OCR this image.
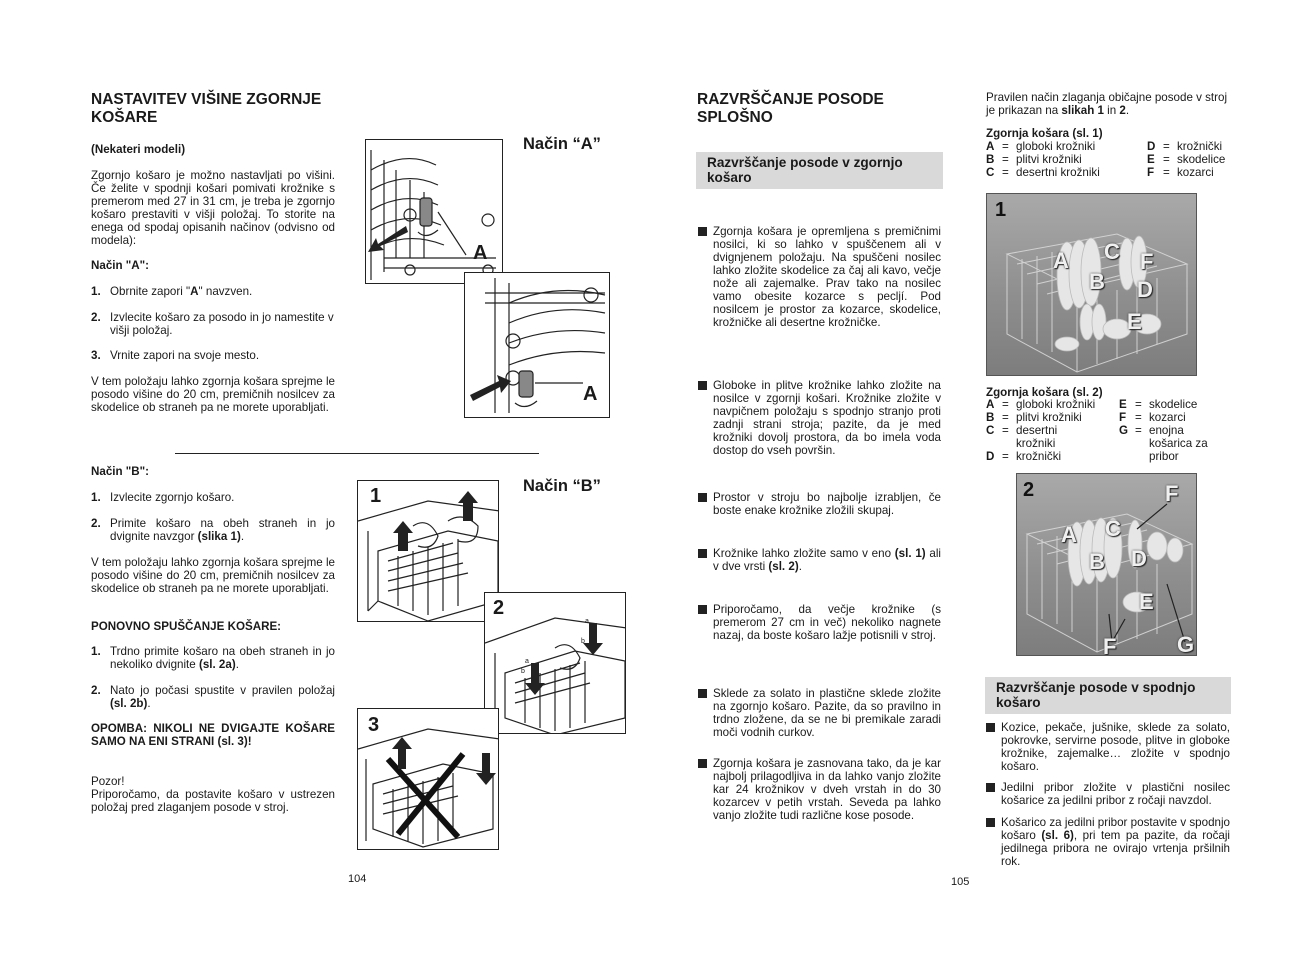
NASTAVITEV VIŠINE ZGORNJE
KOŠARE
(Nekateri modeli)
Zgornjo košaro je možno nastavljati po višini. Če želite v spodnji košari pomivati krožnike s premerom med 27 in 31 cm, je treba je zgornjo košaro prestaviti v višji položaj. To storite na enega od spodaj opisanih načinov (odvisno od modela):
Način "A":
1. Obrnite zapori "A" navzven.
2. Izvlecite košaro za posodo in jo namestite v višji položaj.
3. Vrnite zapori na svoje mesto.
V tem položaju lahko zgornja košara sprejme le posodo višine do 20 cm, premičnih nosilcev za skodelice ob straneh pa ne morete uporabljati.
Način "B":
1. Izvlecite zgornjo košaro.
2. Primite košaro na obeh straneh in jo dvignite navzgor (slika 1).
V tem položaju lahko zgornja košara sprejme le posodo višine do 20 cm, premičnih nosilcev za skodelice ob straneh pa ne morete uporabljati.
PONOVNO SPUŠČANJE KOŠARE:
1. Trdno primite košaro na obeh straneh in jo nekoliko dvignite (sl. 2a).
2. Nato jo počasi spustite v pravilen položaj (sl. 2b).
OPOMBA: NIKOLI NE DVIGAJTE KOŠARE SAMO NA ENI STRANI (sl. 3)!
Pozor!
Priporočamo, da postavite košaro v ustrezen položaj pred zlaganjem posode v stroj.
104
Način “A”
A
A
Način “B”
1
a
b
a
b
2
3
RAZVRŠČANJE POSODE
SPLOŠNO
Razvrščanje posode v zgornjo
košaro
Zgornja košara je opremljena s premičnimi nosilci, ki so lahko v spuščenem ali v dvignjenem položaju. Na spuščeni nosilec lahko zložite skodelice za čaj ali kavo, večje nože ali zajemalke. Prav tako na nosilec vamo obesite kozarce s pecljí. Pod nosilcem je prostor za kozarce, skodelice, krožničke ali desertne krožničke.
Globoke in plitve krožnike lahko zložite na nosilce v zgornji košari. Krožnike zložite v navpičnem položaju s spodnjo stranjo proti zadnji strani stroja; pazite, da je med krožniki dovolj prostora, da bo imela voda dostop do vseh površin.
Prostor v stroju bo najbolje izrabljen, če boste enake krožnike zložili skupaj.
Krožnike lahko zložite samo v eno (sl. 1) ali v dve vrsti (sl. 2).
Priporočamo, da večje krožnike (s premerom 27 cm in več) nekoliko nagnete nazaj, da boste košaro lažje potisnili v stroj.
Sklede za solato in plastične sklede zložite na zgornjo košaro. Pazite, da so pravilno in trdno zložene, da se ne bi premikale zaradi moči vodnih curkov.
Zgornja košara je zasnovana tako, da je kar najbolj prilagodljiva in da lahko vanjo zložite kar 24 krožnikov v dveh vrstah in do 30 kozarcev v petih vrstah. Seveda pa lahko vanjo zložite tudi različne kose posode.
105
Pravilen način zlaganja običajne posode v stroj je prikazan na slikah 1 in 2.
Zgornja košara (sl. 1)
A = globoki krožniki
B = plitvi krožniki
C = desertni krožniki
D = krožnički
E = skodelice
F = kozarci
1
A C
B
F
D
E
Zgornja košara (sl. 2)
A = globoki krožniki
B = plitvi krožniki
C = desertni krožniki
D = krožnički
E = skodelice
F = kozarci
G = enojna košarica za pribor
2
A C
B D
F
E
F	G
Razvrščanje posode v spodnjo
košaro
Kozice, pekače, jušnike, sklede za solato, pokrovke, servirne posode, plitve in globoke krožnike, zajemalke… zložite v spodnjo košaro.
Jedilni pribor zložite v plastični nosilec košarice za jedilni pribor z ročaji navzdol.
Košarico za jedilni pribor postavite v spodnjo košaro (sl. 6), pri tem pa pazite, da ročaji jedilnega pribora ne ovirajo vrtenja pršilnih rok.
